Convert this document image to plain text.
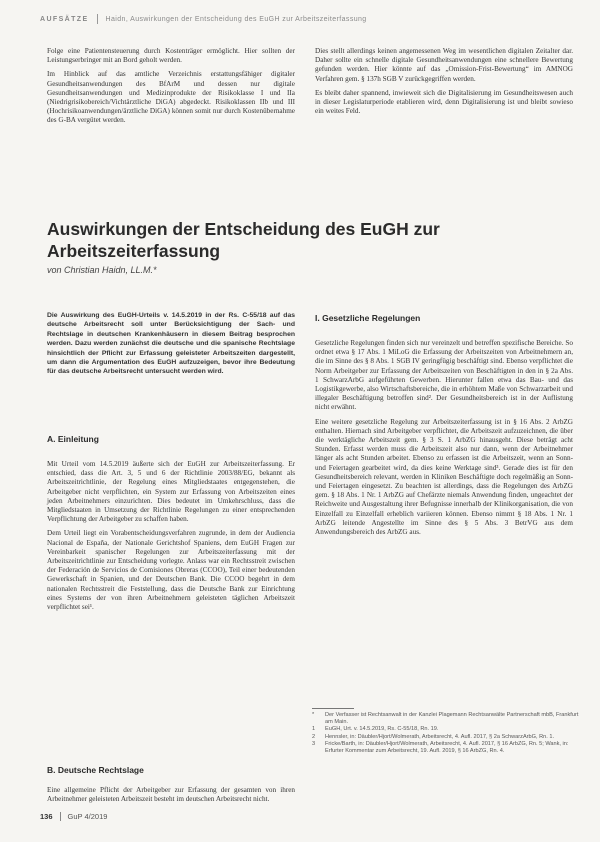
AUFSÄTZE Haidn, Auswirkungen der Entscheidung des EuGH zur Arbeitszeiterfassung

Folge eine Patientensteuerung durch Kostenträger ermöglicht. Hier sollten der Leistungserbringer mit an Bord geholt werden.

Im Hinblick auf das amtliche Verzeichnis erstattungsfähiger digitaler Gesundheitsanwendungen des BfArM und dessen nur digitale Gesundheitsanwendungen und Medizinprodukte der Risikoklasse I und IIa (Niedrigrisikobereich/Vichtärztliche DiGA) abgedeckt. Risikoklassen IIb und III (Hochrisikoanwendungen/ärztliche DiGA) können somit nur durch Kostenübernahme des G-BA vergütet werden.

Dies stellt allerdings keinen angemessenen Weg im wesentlichen digitalen Zeitalter dar. Daher sollte ein schnelle digitale Gesundheitsanwendungen eine schnellere Bewertung gefunden werden. Hier könnte auf das „Omission-Frist-Bewertung“ im AMNOG Verfahren gem. § 137h SGB V zurückgegriffen werden.

Es bleibt daher spannend, inwieweit sich die Digitalisierung im Gesundheitswesen auch in dieser Legislaturperiode etablieren wird, denn Digitalisierung ist und bleibt sowieso ein weites Feld.

Auswirkungen der Entscheidung des EuGH zur Arbeitszeiterfassung
von Christian Haidn, LL.M.*
Die Auswirkung des EuGH-Urteils v. 14.5.2019 in der Rs. C-55/18 auf das deutsche Arbeitsrecht soll unter Berücksichtigung der Sach- und Rechtslage in deutschen Krankenhäusern in diesem Beitrag besprochen werden. Dazu werden zunächst die deutsche und die spanische Rechtslage hinsichtlich der Pflicht zur Erfassung geleisteter Arbeitszeiten dargestellt, um dann die Argumentation des EuGH aufzuzeigen, bevor ihre Bedeutung für das deutsche Arbeitsrecht untersucht werden wird.
A. Einleitung

Mit Urteil vom 14.5.2019 äußerte sich der EuGH zur Arbeitszeiterfassung. Er entschied, dass die Art. 3, 5 und 6 der Richtlinie 2003/88/EG, bekannt als Arbeitszeitrichtlinie, der Regelung eines Mitgliedstaates entgegenstehen, die Arbeitgeber nicht verpflichten, ein System zur Erfassung von Arbeitszeiten eines jeden Arbeitnehmers einzurichten. Dies bedeutet im Umkehrschluss, dass die Mitgliedstaaten in Umsetzung der Richtlinie Regelungen zu einer entsprechenden Verpflichtung der Arbeitgeber zu schaffen haben.

Dem Urteil liegt ein Vorabentscheidungsverfahren zugrunde, in dem der Audiencia Nacional de España, der Nationale Gerichtshof Spaniens, dem EuGH Fragen zur Vereinbarkeit spanischer Regelungen zur Arbeitszeiterfassung mit der Arbeitszeitrichtlinie zur Entscheidung vorlegte. Anlass war ein Rechtsstreit zwischen der Federación de Servicios de Comisiones Obreras (CCOO), Teil einer bedeutenden Gewerkschaft in Spanien, und der Deutschen Bank. Die CCOO begehrt in dem nationalen Rechtsstreit die Feststellung, dass die Deutsche Bank zur Einrichtung eines Systems der von ihren Arbeitnehmern geleisteten täglichen Arbeitszeit verpflichtet sei¹.

B. Deutsche Rechtslage

Eine allgemeine Pflicht der Arbeitgeber zur Erfassung der gesamten von ihren Arbeitnehmer geleisteten Arbeitszeit besteht im deutschen Arbeitsrecht nicht.

I. Gesetzliche Regelungen

Gesetzliche Regelungen finden sich nur vereinzelt und betreffen spezifische Bereiche. So ordnet etwa § 17 Abs. 1 MiLoG die Erfassung der Arbeitszeiten von Arbeitnehmern an, die im Sinne des § 8 Abs. 1 SGB IV geringfügig beschäftigt sind. Ebenso verpflichtet die Norm Arbeitgeber zur Erfassung der Arbeitszeiten von Beschäftigten in den in § 2a Abs. 1 SchwarzArbG aufgeführten Gewerben. Hierunter fallen etwa das Bau- und das Logistikgewerbe, also Wirtschaftsbereiche, die in erhöhtem Maße von Schwarzarbeit und illegaler Beschäftigung betroffen sind². Der Gesundheitsbereich ist in der Auflistung nicht erwähnt.

Eine weitere gesetzliche Regelung zur Arbeitszeiterfassung ist in § 16 Abs. 2 ArbZG enthalten. Hiernach sind Arbeitgeber verpflichtet, die Arbeitszeit aufzuzeichnen, die über die werktägliche Arbeitszeit gem. § 3 S. 1 ArbZG hinausgeht. Diese beträgt acht Stunden. Erfasst werden muss die Arbeitszeit also nur dann, wenn der Arbeitnehmer länger als acht Stunden arbeitet. Ebenso zu erfassen ist die Arbeitszeit, wenn an Sonn- und Feiertagen gearbeitet wird, da dies keine Werktage sind³. Gerade dies ist für den Gesundheitsbereich relevant, werden in Kliniken Beschäftigte doch regelmäßig an Sonn- und Feiertagen eingesetzt. Zu beachten ist allerdings, dass die Regelungen des ArbZG gem. § 18 Abs. 1 Nr. 1 ArbZG auf Chefärzte niemals Anwendung finden, ungeachtet der Reichweite und Ausgestaltung ihrer Befugnisse innerhalb der Klinikorganisation, die von Einzelfall zu Einzelfall erheblich variieren können. Ebenso nimmt § 18 Abs. 1 Nr. 1 ArbZG leitende Angestellte im Sinne des § 5 Abs. 3 BetrVG aus dem Anwendungsbereich des ArbZG aus.

*	Der Verfasser ist Rechtsanwalt in der Kanzlei Plagemann Rechtsanwälte Partnerschaft mbB, Frankfurt am Main.
1	EuGH, Urt. v. 14.5.2019, Rs. C-55/18, Rn. 19.
2	Hennsler, in: Däubler/Hjort/Wolmerath, Arbeitsrecht, 4. Aufl. 2017, § 2a SchwarzArbG, Rn. 1.
3	Fricke/Barth, in: Däubler/Hjort/Wolmerath, Arbeitsrecht, 4. Aufl. 2017, § 16 ArbZG, Rn. 5; Wank, in: Erfurter Kommentar zum Arbeitsrecht, 19. Aufl. 2019, § 16 ArbZG, Rn. 4.
136 GuP 4/2019
